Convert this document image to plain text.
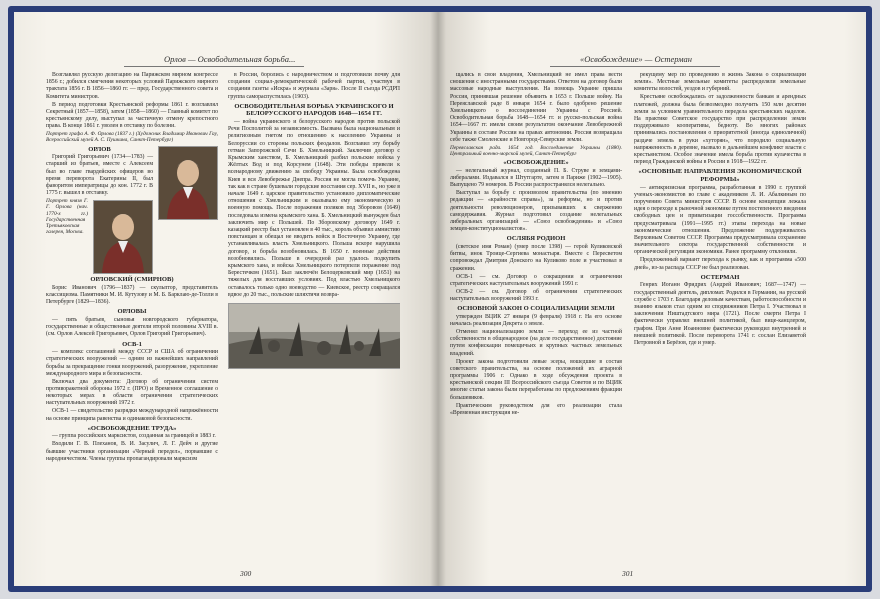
Орлов — Освободительная борьба...

Возглавлял русскую делегацию на Парижском мирном конгрессе 1856 г.; добился смягчения некоторых условий Парижского мирного трактата 1856 г. В 1856—1860 гг. — пред. Государственного совета и Комитета министров.

В период подготовки Крестьянской реформы 1861 г. возглавлял Секретный (1857—1858), затем (1858—1860) — Главный комитет по крестьянскому делу, выступал за частичную отмену крепостного права. В конце 1861 г. уволен в отставку по болезни.

Портрет графа А. Ф. Орлова (1837 г.) (Художник Владимир Иванович Гау, Всероссийский музей А. С. Пушкина, Санкт-Петербург)

ОРЛОВ

Григорий Григорьевич (1734—1783) — старший из братьев, вместе с Алексеем был во главе гвардейских офицеров во время переворота Екатерины II, был фаворитом императрицы до кон. 1772 г. В 1775 г. вышел в отставку.

Портрет князя Г. Г. Орлова (нач. 1770-х гг.) Государственная Третьяковская галерея, Москва.

ОРЛОВСКИЙ (СМИРНОВ)

Борис Иванович (1796—1837) — скульптор, представитель классицизма. Памятники М. И. Кутузову и М. Б. Барклаю-де-Толли в Петербурге (1829—1836).

ОРЛОВЫ

— пять братьев, сыновья новгородского губернатора, государственные и общественные деятели второй половины XVIII в. (см. Орлов Алексей Григорьевич, Орлов Григорий Григорьевич).

ОСВ-1

— комплекс соглашений между СССР и США об ограничении стратегических вооружений — одним из важнейших направлений борьбы за прекращение гонки вооружений, разоружение, укрепление международного мира и безопасности.

Включал два документа: Договор об ограничении систем противоракетной обороны 1972 г. (ПРО) и Временное соглашение о некоторых мерах в области ограничения стратегических наступательных вооружений 1972 г.

ОСВ-1 — свидетельство разрядки международной напряжённости на основе принципа равенства и одинаковой безопасности.

«ОСВОБОЖДЕНИЕ ТРУДА»

— группа российских марксистов, созданная за границей в 1883 г.

Входили Г. В. Плеханов, В. И. Засулич, Л. Г. Дейч и другие бывшие участники организации «Черный передел», порвавшие с народничеством. Члены группы пропагандировали марксизм

в России, боролись с народничеством и подготовили почву для создания социал-демократической рабочей партии, участвуя в создании газеты «Искра» и журнала «Заря». После II съезда РСДРП группа самораспустилась (1903).

ОСВОБОДИТЕЛЬНАЯ БОРЬБА УКРАИНСКОГО И БЕЛОРУССКОГО НАРОДОВ 1648—1654 ГГ.

— война украинского и белорусского народов против польской Речи Посполитой за независимость. Вызвана была национальным и религиозным гнетом по отношению к населению Украины и Белоруссии со стороны польских феодалов. Возглавил эту борьбу гетман Запорожской Сечи Б. Хмельницкий. Заключив договор с Крымским ханством, Б. Хмельницкий разбил польские войска у Жёлтых Вод и под Корсунем (1648). Эти победы привели к всенародному движению за свободу Украины. Была освобождена Киев и вся Левобережье Днепра. Россия не могла помочь Украине, так как в стране бушевали городские восстания сер. XVII в., но уже в начале 1649 г. царское правительство установило дипломатические отношения с Хмельницким и оказывало ему экономическую и военную помощь. После поражения поляков под Зборовом (1649) последовала измена крымского хана. Б. Хмельницкий вынужден был заключить мир с Польшей. По Зборовскому договору 1649 г. казацкий реестр был установлен в 40 тыс., король объявил амнистию повстанцам и обещал не вводить войск в Восточную Украину, где устанавливалась власть Хмельницкого. Польша вскоре нарушила договор, и борьба возобновилась. В 1650 г. военные действия возобновились. Польше в очередной раз удалось подкупить крымского хана, и войска Хмельницкого потерпели поражение под Берестечком (1651). Был заключён Белоцерковский мир (1651) на тяжелых для восставших условиях. Под властью Хмельницкого оставалось только одно воеводство — Киевское, реестр сокращался вдвое до 20 тыс., польские шляхтичи возвра-

300
«Освобождение» — Остерман

щались в свои владения, Хмельницкий не имел права вести сношения с иностранными государствами. Ответом на договор были массовые народные выступления. На помощь Украине пришла Россия, принявшая решение объявить в 1653 г. Польше войну. На Переяславской раде 8 января 1654 г. было одобрено решение Хмельницкого о воссоединении Украины с Россией. Освободительная борьба 1648—1654 гг. и русско-польская война 1654—1667 гг. имели своим результатом окончание Левобережной Украины в составе России на правах автономии. Россия возвращала себе также Смоленские и Новгород-Северские земли.

Переяславская рада. 1654 год. Воссоединение Украины (1880). Центральный военно-морской музей, Санкт-Петербург

«ОСВОБОЖДЕНИЕ»

— нелегальный журнал, созданный П. Б. Струве и земцами-либералами. Издавался в Штутгарте, затем в Париже (1902—1905). Выпущено 79 номеров. В России распространялся нелегально.

Выступал за борьбу с произволом правительства (по мнению редакции — «крайности справа»), за реформы, но и против деятельности революционеров, призывавших к свержению самодержавия. Журнал подготовил создание нелегальных либеральных организаций — «Союз освобождения» и «Союз земцев-конституционалистов».

ОСЛЯБЯ РОДИОН

(светское имя Роман) (умер после 1398) — герой Куликовской битвы, инок Троице-Сергиева монастыря. Вместе с Пересветом сопровождал Дмитрия Донского на Куликово поле и участвовал в сражении.

ОСВ-1 — см. Договор о сокращении и ограничении стратегических наступательных вооружений 1991 г.

ОСВ-2 — см. Договор об ограничении стратегических наступательных вооружений 1993 г.

ОСНОВНОЙ ЗАКОН О СОЦИАЛИЗАЦИИ ЗЕМЛИ

утвержден ВЦИК 27 января (9 февраля) 1918 г. На его основе началась реализация Декрета о земле.

Отменял национализацию земли — переход ее из частной собственности в общенародное (на деле государственное) достояние путем конфискации помещичьих и крупных частных земельных владений.

Проект закона подготовили левые эсеры, вошедшие в состав советского правительства, на основе положений их аграрной программы 1906 г. Однако в ходе обсуждения проекта в крестьянской секции III Всероссийского съезда Советов и по ВЦИК многие статьи закона были переработаны по предложениям фракции большевиков.

Практическим руководством для его реализации стала «Временная инструкция не-

рекущему мер по проведению в жизнь Закона о социализации земли». Местные земельные комитеты распределяли земельные комитеты волостей, уездов и губерний.

Крестьяне освобождались от задолженности банкам и арендных платежей, должна была безвозмездно получить 150 млн десятин земли за условием уравнительного передела крестьянских наделов. На практике Советское государство при распределении земли поддерживало кооперативы, бедноту. Во многих районах принимались постановления о приоритетной (иногда единоличной) раздаче земель в руки «хуторян», что породило социальную напряженность в деревне, вызвало в дальнейшем конфликт власти с крестьянством. Особое значение имела борьба против кулачества в период Гражданской войны в России в 1918—1922 гг.

«ОСНОВНЫЕ НАПРАВЛЕНИЯ ЭКОНОМИЧЕСКОЙ РЕФОРМЫ»

— антикризисная программа, разработанная в 1990 г. группой ученых-экономистов во главе с академиком Л. И. Абалкиным по поручению Совета министров СССР. В основе концепции лежала идея о переходе к рыночной экономике путем постепенного введения свободных цен и приватизации госсобственности. Программа предусматривала (1991—1995 гг.) этапы перехода на новые экономические отношения. Предложение поддерживалось Верховным Советом СССР. Программа предусматривала сохранение значительного сектора государственной собственности и органической регуляции экономики. Ранее программу отклонили.

Предложенный вариант перехода к рынку, как и программа «500 дней», из-за распада СССР не был реализован.

ОСТЕРМАН

Генрих Иоганн Фридрих (Андрей Иванович; 1687—1747) — государственный деятель, дипломат. Родился в Германии, на русской службе с 1703 г. Благодаря деловым качествам, работоспособности и знанию языков стал одним из сподвижников Петра I. Участвовал в заключении Ништадтского мира (1721). После смерти Петра I фактически управлял внешней политикой, был вице-канцлером, графом. При Анне Иоанновне фактически руководил внутренней и внешней политикой. После переворота 1741 г. сослан Елизаветой Петровной в Берёзов, где и умер.

301
